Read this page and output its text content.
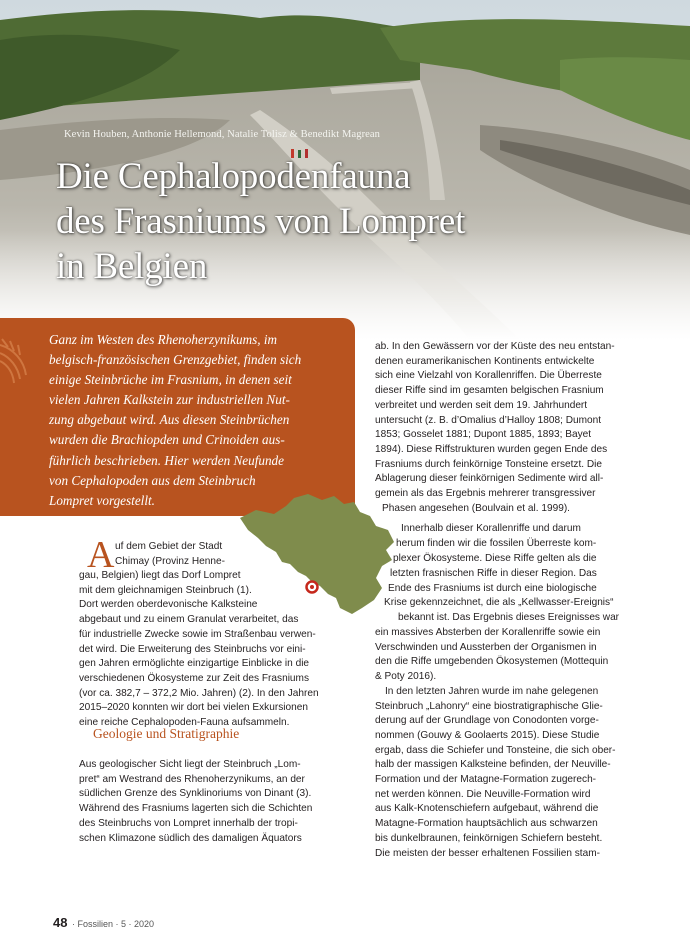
Kevin Houben, Anthonie Hellemond, Natalie Tolisz & Benedikt Magrean
Die Cephalopodenfauna
des Frasniums von Lompret
in Belgien

Ganz im Westen des Rhenoherzynikums, im
belgisch-französischen Grenzgebiet, finden sich
einige Steinbrüche im Frasnium, in denen seit
vielen Jahren Kalkstein zur industriellen Nut-
zung abgebaut wird. Aus diesen Steinbrüchen
wurden die Brachiopden und Crinoiden aus-
führlich beschrieben. Hier werden Neufunde
von Cephalopoden aus dem Steinbruch
Lompret vorgestellt.

A uf dem Gebiet der Stadt
Chimay (Provinz Henne-
gau, Belgien) liegt das Dorf Lompret
mit dem gleichnamigen Steinbruch (1).
Dort werden oberdevonische Kalksteine
abgebaut und zu einem Granulat verarbeitet, das
für industrielle Zwecke sowie im Straßenbau verwen-
det wird. Die Erweiterung des Steinbruchs vor eini-
gen Jahren ermöglichte einzigartige Einblicke in die
verschiedenen Ökosysteme zur Zeit des Frasniums
(vor ca. 382,7 – 372,2 Mio. Jahren) (2). In den Jahren
2015–2020 konnten wir dort bei vielen Exkursionen
eine reiche Cephalopoden-Fauna aufsammeln.
Geologie und Stratigraphie
Aus geologischer Sicht liegt der Steinbruch „Lom-
pret“ am Westrand des Rhenoherzynikums, an der
südlichen Grenze des Synklinoriums von Dinant (3).
Während des Frasniums lagerten sich die Schichten
des Steinbruchs von Lompret innerhalb der tropi-
schen Klimazone südlich des damaligen Äquators
ab. In den Gewässern vor der Küste des neu entstan-
denen euramerikanischen Kontinents entwickelte
sich eine Vielzahl von Korallenriffen. Die Überreste
dieser Riffe sind im gesamten belgischen Frasnium
verbreitet und werden seit dem 19. Jahrhundert
untersucht (z. B. d’Omalius d’Halloy 1808; Dumont
1853; Gosselet 1881; Dupont 1885, 1893; Bayet
1894). Diese Riffstrukturen wurden gegen Ende des
Frasniums durch feinkörnige Tonsteine ersetzt. Die
Ablagerung dieser feinkörnigen Sedimente wird all-
gemein als das Ergebnis mehrerer transgressiver
Phasen angesehen (Boulvain et al. 1999).
Innerhalb dieser Korallenriffe und darum
herum finden wir die fossilen Überreste kom-
plexer Ökosysteme. Diese Riffe gelten als die
letzten frasnischen Riffe in dieser Region. Das
Ende des Frasniums ist durch eine biologische
Krise gekennzeichnet, die als „Kellwasser-Ereignis“
bekannt ist. Das Ergebnis dieses Ereignisses war
ein massives Absterben der Korallenriffe sowie ein
Verschwinden und Aussterben der Organismen in
den die Riffe umgebenden Ökosystemen (Mottequin
& Poty 2016).
In den letzten Jahren wurde im nahe gelegenen
Steinbruch „Lahonry“ eine biostratigraphische Glie-
derung auf der Grundlage von Conodonten vorge-
nommen (Gouwy & Goolaerts 2015). Diese Studie
ergab, dass die Schiefer und Tonsteine, die sich ober-
halb der massigen Kalksteine befinden, der Neuville-
Formation und der Matagne-Formation zugerech-
net werden können. Die Neuville-Formation wird
aus Kalk-Knotenschiefern aufgebaut, während die
Matagne-Formation hauptsächlich aus schwarzen
bis dunkelbraunen, feinkörnigen Schiefern besteht.
Die meisten der besser erhaltenen Fossilien stam-
48 · Fossilien · 5 · 2020
